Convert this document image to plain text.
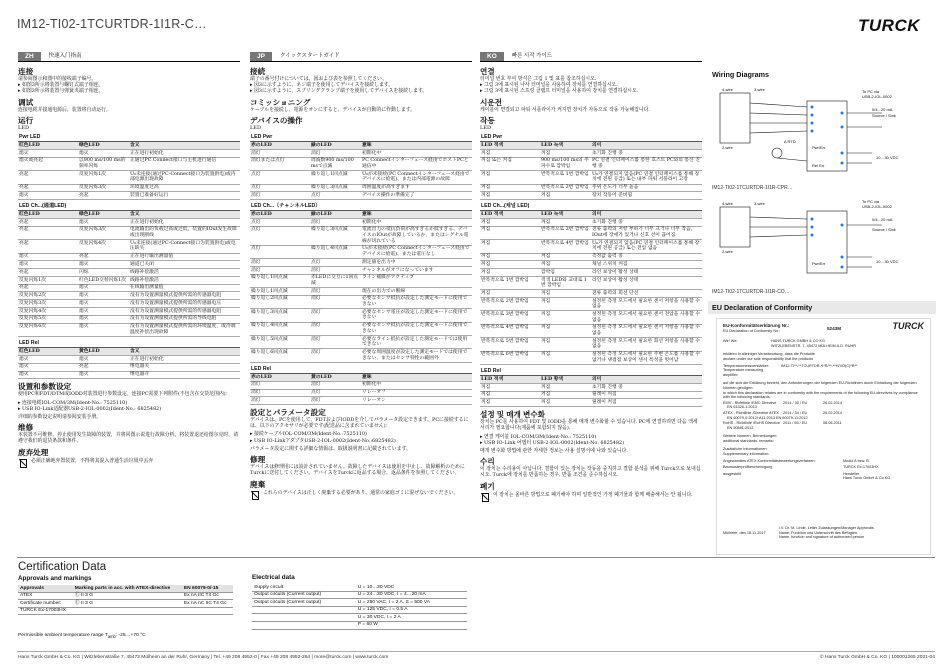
IM12-TI02-1TCURTDR-1I1R-C…	TURCK
ZH	快速入门指南
连接
请参阅图示和图中的接线端子编号。
▸ 如图3所示将装置与螺钉式端子相连。
▸ 如图3所示将装置与弹簧夹端子相连。
调试
连接电缆并接通电源后，装置将自动运行。
运行
LED
Pwr LED		
红色LED	绿色LED	含义
熄灭	熄灭	正在进行初始化
熄灭或亮起	以900 ms/100 ms的频率闪烁	正通过PC Connect接口与主机进行通信
亮起	反复闪烁1次	U₀未连接(通过PC-Connect接口为装置供电)或内部电源出现故障
亮起	反复闪烁3次	环境温度过高
熄灭	亮起	装置已准备好运行
LED Ch...(通道LED)		
红色LED	绿色LED	含义
亮起	熄灭	正在进行初始化
亮起	反复闪烁3次	电流输出的负载过高或过低，装置的IOut发生故障或出现断线
亮起	反复闪烁4次	U₀未连接(通过PC-Connect接口为装置供电)或电压缺失
熄灭	亮起	正在进行输出测量值
熄灭	熄灭	通道已关闭
亮起	闪烁	线路补偿激活
反复闪烁1次	红色LED交替闪烁1次	线路补偿激活
亮起	熄灭	在线输出测量值
反复闪烁2次	熄灭	没有为设置测量模式提供所需的传感器电阻
反复闪烁3次	熄灭	没有为设置测量模式提供所需的传感器电压
反复闪烁4次	熄灭	没有为设置测量模式提供所需的传感器电阻
反复闪烁5次	熄灭	没有为设置测量模式提供所需的导线电阻
反复闪烁6次	熄灭	没有为设置测量模式提供所需的环境温度，或冷端温度补偿出现故障
LED Rel		
红色LED	黄色LED	含义
熄灭	熄灭	正在进行初始化
熄灭	亮起	继电器关
熄灭	熄灭	继电器开
设置和参数设定
使用PC和FDT/DTM或IODD对装置进行参数设定。连接PC需要下列附件(不包含在交货范围内)：
▸ 连接电缆IOL-COM/3M(Ident-No.: 7525110)
▸ USB IO-Link适配器USB-2-IOL-0002(Ident-No.: 6825482)
详细的参数设定说明请参阅安装手册。
维修
本装置不可维修。停止使用发生故障的装置，并将回图示说进行故障分析。将装置退还给图尔克时，请遵守我们的退货条款和条件。
废弃处理
必须正确地弃置装置，不得将其混入普通生活垃圾中丢弃
JP	クイックスタートガイド
接続
端子の番号付けについては、図および表を参照してください。
▸ 図3に示すように、ネジ端子を使用してデバイスを接続します。
▸ 図3に示すように、スプリングクランプ端子を使用してデバイスを接続します。
コミッショニング
ケーブルを接続し、電源をオンにすると、デバイスが自動的に作動します。
デバイスの操作
LED
LED Pwr		
赤のLED	緑のLED	意味
消灯	消灯	初期化中
消灯または点灯	周波数900 ms/100 msで点滅	PC Connectインターフェース経由でホストPCと通信中
点灯	繰り返し1回点滅	U₀が未接続(PC Connectインターフェース経由でデバイスに給電)、または内部電源の故障
点灯	繰り返し3回点滅	周囲温度が高すぎます
消灯	点灯	デバイス操作の準備完了
LED Ch...（チャンネルLED）		
赤のLED	緑のLED	意味
点灯	消灯	初期化中
点灯	繰り返し3回点滅	電流出力の抵抗負荷が高すぎるか低すぎる、デバイスのIOutが故障しているか、またはシグナル電線が切れている
点灯	繰り返し4回点滅	U₀が未接続(PC Connectインターフェース経由でデバイスに給電)、または電圧なし
消灯	点灯	測定値を出力中
消灯	消灯	チャンネルがオフになっています
繰り返し1回点滅	赤LEDに交互に1回点滅	ライン補償がアクティブ
繰り返し1回点滅	消灯	現在の出力での断線
繰り返し2回点滅	消灯	必要なセンサ抵抗が設定した測定モードに使用できない
繰り返し3回点滅	消灯	必要なセンサ電圧が設定した測定モードに使用できない
繰り返し4回点滅	消灯	必要なセンサ抵抗が設定した測定モードに使用できない
繰り返し5回点滅	消灯	必要なライン抵抗が設定した測定モードでは使用できない
繰り返し6回点滅	消灯	必要な周囲温度が設定した測定モードでは使用できない、またはセンサ特性の範囲外
LED Rel		
赤のLED	黄のLED	意味
消灯	消灯	初期化中
消灯	点灯	リレーオフ
消灯	消灯	リレーオン
設定とパラメータ設定
デバイスは、PCを使用して、FDTおよびIODDを介してパラメータ設定できます。PCに接続するには、以下のアクセサリが必要です(配送品に含まれていません)：
▸ 接続ケーブルIOL-COM/3M(Ident-No.:7525110)
▸ USB IO-LinkアダプタUSB-2-IOL-0002(Ident-No.:6825482)
パラメータ設定に関する詳細な情報は、取扱説明書に記載されています。
修理
デバイスは修理用には設計されていません。故障したデバイスは使用を中止し、故障解析のためにTurckに送付してください。デバイスをTurckに返品する場合、返品条件を参照してください。
廃棄
これらのデバイスは正しく廃棄する必要があり、通常の家庭ゴミに混ぜないでください。
KO	빠른 시작 가이드
연결
터미널 번호 부여 방식은 그림 1 및 표를 참조하십시오.
▸ 그림 3에 표시된 나사 터미널을 사용하여 장치를 연결하십시오.
▸ 그림 3에 표시된 스프링 클램프 터미널을 사용하여 장치를 연결하십시오.
시운전
케이블이 연결되고 파워 서플라이가 켜지면 장치가 자동으로 작동 가능해집니다.
작동
LED
LED Pwr		
LED 적색	LED 녹색	의미
꺼짐	꺼짐	초기화 진행 중
꺼짐 또는 켜짐	900 ms/100 ms의 주파수로 깜박임	PC 연결 인터페이스를 통한 호스트 PC와의 통신 진행 중
켜짐	반복적으로 1번 깜박임	U₀가 연결되지 않음(PC 연결 인터페이스를 통해 장치에 전원 공급) 또는 내부 파워 서플라이 고장
켜짐	반복적으로 3번 깜박임	주위 온도가 너무 높음
꺼짐	켜짐	장치 작동이 준비됨
LED Ch...(채널 LED)		
LED 적색	LED 녹색	의미
켜짐	꺼짐	초기화 진행 중
켜짐	반복적으로 3번 깜박임	전류 출력의 저항 부하가 너무 크거나 너무 작음, IOut에 장애가 있거나 신호 선이 끊어짐
켜짐	반복적으로 4번 깜박임	U₀가 연결되지 않음(PC 연결 인터페이스를 통해 장치에 전원 공급) 또는 전압 없음
꺼짐	켜짐	측정값 출력 중
꺼짐	꺼짐	채널 스위치 꺼짐
켜짐	깜박임	라인 보상이 활성 상태
반복적으로 1번 깜박임	적색 LED와 교대로 1번 깜박임	라인 보상이 활성 상태
켜짐	꺼짐	전류 출력의 회선 단선
반복적으로 2번 깜박임	꺼짐	설정된 측정 모드에서 필요한 센서 저항을 사용할 수 없음
반복적으로 3번 깜박임	꺼짐	설정된 측정 모드에서 필요한 센서 전압을 사용할 수 없음
반복적으로 4번 깜박임	꺼짐	설정된 측정 모드에서 필요한 센서 저항을 사용할 수 없음
반복적으로 5번 깜박임	꺼짐	설정된 측정 모드에서 필요한 회선 저항을 사용할 수 없음
반복적으로 6번 깜박임	꺼짐	설정된 측정 모드에서 필요한 주변 온도를 사용할 수 없거나 냉접점 보상이 센서 특성을 벗어남
LED Rel		
LED 적색	LED 황색	의미
꺼짐	꺼짐	초기화 진행 중
꺼짐	켜짐	릴레이 꺼짐
꺼짐	꺼짐	릴레이 켜짐
설정 및 매개 변수화
장치는 PC를 사용하여 FDT 및 IODD을 통해 매개 변수화할 수 있습니다. PC에 연결하려면 다음 액세서리가 필요합니다(제품에 포함되지 않음).
▸ 연결 케이블 IOL-COM/3M(Ident-No.: 7525110)
▸ USB IO-Link 어댑터 USB-2-IOL-0002(Ident-No. 6825482)
매개 변수화 방법에 관한 자세한 정보는 사용 설명서에 나와 있습니다.
수리
이 장치는 수리용이 아닙니다. 결함이 있는 장치는 작동을 중지하고 결함 분석을 위해 Turck으로 보내십시오. Turck에 장치를 반품하는 경우, 반품 조건을 준수하십시오.
폐기
이 장치는 올바른 방법으로 폐기해야 하며 일반적인 가정 폐기물과 함께 배출해서는 안 됩니다.
Wiring Diagrams
4-wire	3-wire
2-wire
To PC via
USB-2-IOL-0002
0/4...20 mA
Source / Sink
A RTD
Pwr/Err
Rel Err
10…30 VDC
IM12-TI02-1TCURTDR-1I1R-CPR…
4-wire	3-wire
2-wire
To PC via
USB-2-IOL-0002
0/4...20 mA
Source / Sink
10…30 VDC
Pwr/Err
IM12-TI02-1TCURTDR-1I1R-CO…
EU Declaration of Conformity
TURCK
EU-Konformitätserklärung Nr.:
EU Declaration of Conformity No.:	5243M
Wir/ We:	HANS TURCK GMBH & CO KG
WITZLEBENSTR. 7, 45472 MÜLHEIM A.D. RUHR
erklären in alleiniger Verantwortung, dass die Produkte
declare under our sole responsibility that the products
Temperaturmessverstärker:
Temperature measuring amplifier:
IM12-TI**-**TCURTDR-*I*R/**-**H/VO(C)*R**
auf die sich die Erklärung bezieht, den Anforderungen der folgenden EU-Richtlinien durch Einhaltung der folgenden Normen genügen:
to which this declaration relates are in conformity with the requirements of the following EU-directives by compliance with the following standards:
EMV - Richtlinie /EMC Directive	2014 / 30 / EU	26.02.2014
EN 61326-1:2013
ATEX - Richtlinie /Directive ATEX	2014 / 34 / EU	26.02.2014
EN 60079-0:2012+A11:2013 EN 60079-11:2012
RoHS - Richtlinie /RoHS Directive 2011 / 65 / EU	08.06.2011
EN 50581:2012
Weitere Normen, Bemerkungen:
additional standards, remarks:
Zusätzliche Informationen:
Supplementary information:
Angewandtes ATEX Konformitätsbewertungsverfahren:	Modul A bzw. B
Baumusterprüfbescheinigung	TURCK Ex-17003HX
ausgestellt	Hersteller
Hans Turck GmbH & Co.KG
Mülheim, den 18.11.2017
i.V. Dr. M. Linde, Leiter Zulassungen/Manager Approvals
Name, Funktion und Unterschrift des Befugten
Name, function and signature of authorized person
Certification Data
Approvals and markings
Approvals	Marking parts in acc. with ATEX-directive	EN 60079-0/-15
ATEX	Ⓔ II 3 G	Ex nA IIC T4 Gc
Certificate number:	Ⓔ II 3 G	Ex nA nC IIC T4 Gc
TURCK Ex-17003HX		
Permissible ambient temperature range $T_{amb}$: -25…+70 °C
Electrical data
Supply circuit	U = 10…30 VDC
Output circuits (Current output)	U = 24…30 VDC, I = 4…20 mA
Output circuits (Current output)	U = 250 VAC, I = 2 A, S = 500 VA
	U = 125 VDC, I = 0.5 A
	U = 30 VDC, I = 2 A
	P = 60 W
Hans Turck GmbH & Co. KG | Witzlebenstraße 7, 45472 Mülheim an der Ruhr, Germany | Tel. +49 208 4952-0 | Fax +49 208 4952-264 | more@turck.com | www.turck.com	© Hans Turck GmbH & Co. KG | 100001265 2021-04
